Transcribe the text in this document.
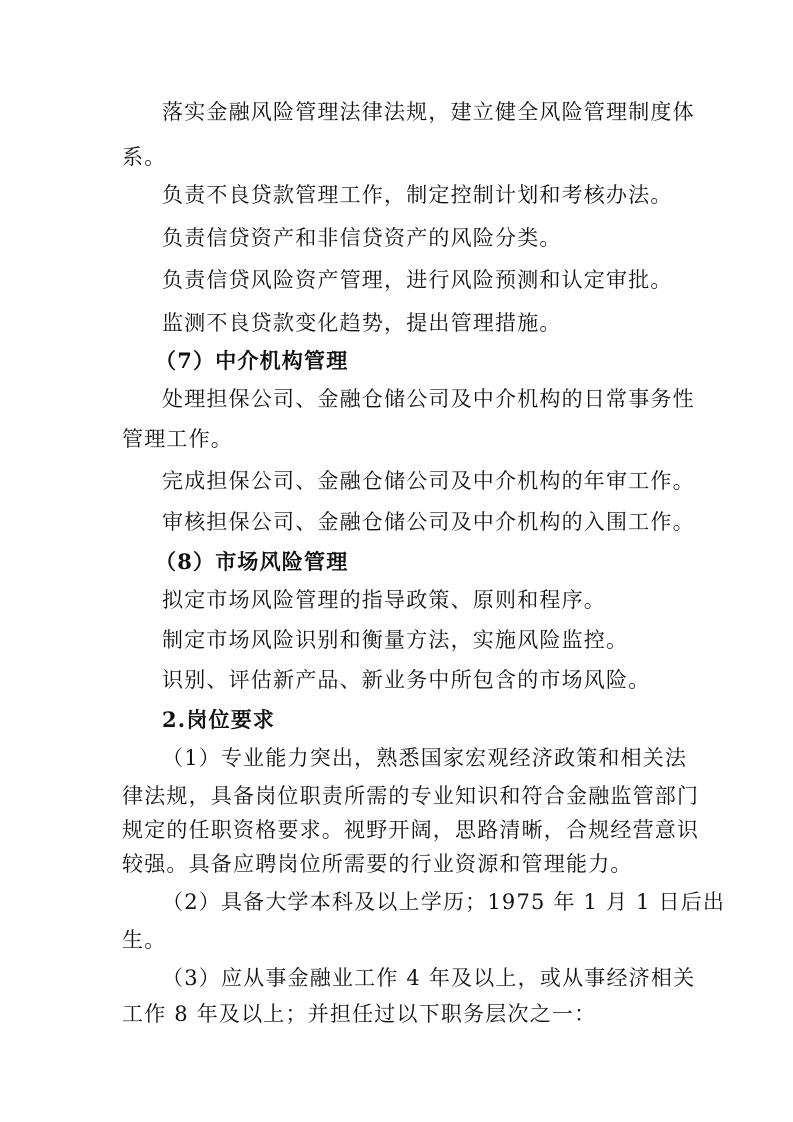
落实金融风险管理法律法规，建立健全风险管理制度体
系。
负责不良贷款管理工作，制定控制计划和考核办法。
负责信贷资产和非信贷资产的风险分类。
负责信贷风险资产管理，进行风险预测和认定审批。
监测不良贷款变化趋势，提出管理措施。
（7）中介机构管理
处理担保公司、金融仓储公司及中介机构的日常事务性
管理工作。
完成担保公司、金融仓储公司及中介机构的年审工作。
审核担保公司、金融仓储公司及中介机构的入围工作。
（8）市场风险管理
拟定市场风险管理的指导政策、原则和程序。
制定市场风险识别和衡量方法，实施风险监控。
识别、评估新产品、新业务中所包含的市场风险。
2.岗位要求
（1）专业能力突出，熟悉国家宏观经济政策和相关法
律法规，具备岗位职责所需的专业知识和符合金融监管部门
规定的任职资格要求。视野开阔，思路清晰，合规经营意识
较强。具备应聘岗位所需要的行业资源和管理能力。
（2）具备大学本科及以上学历；1975 年 1 月 1 日后出
生。
（3）应从事金融业工作 4 年及以上，或从事经济相关
工作 8 年及以上；并担任过以下职务层次之一：
